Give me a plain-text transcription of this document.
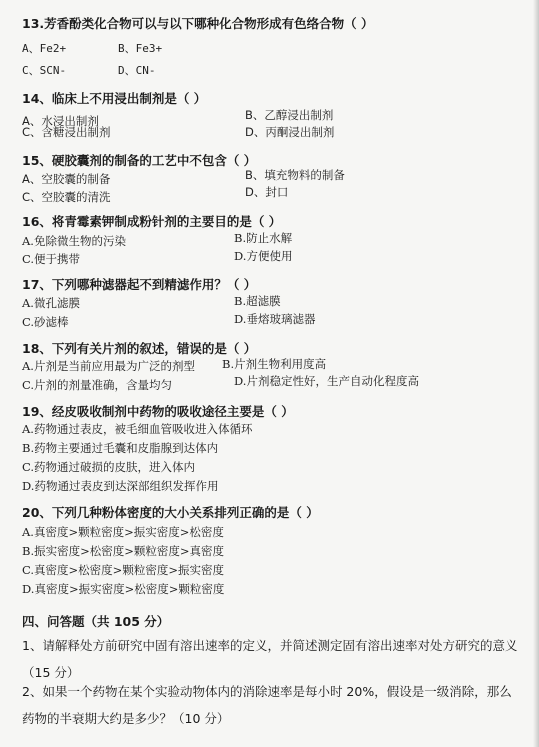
13.芳香酚类化合物可以与以下哪种化合物形成有色络合物（ ）
A、Fe2+	B、Fe3+
C、SCN-	D、CN-
14、临床上不用浸出制剂是（ ）
A、水浸出制剂	B、乙醇浸出制剂
C、含糖浸出制剂	D、丙酮浸出制剂
15、硬胶囊剂的制备的工艺中不包含（ ）
A、空胶囊的制备	B、填充物料的制备
C、空胶囊的清洗	D、封口
16、将青霉素钾制成粉针剂的主要目的是（ ）
A.免除微生物的污染	B.防止水解
C.便于携带	D.方便使用
17、下列哪种滤器起不到精滤作用？（ ）
A.微孔滤膜	B.超滤膜
C.砂滤棒	D.垂熔玻璃滤器
18、下列有关片剂的叙述，错误的是（ ）
A.片剂是当前应用最为广泛的剂型 B.片剂生物利用度高
C.片剂的剂量准确，含量均匀	D.片剂稳定性好，生产自动化程度高
19、经皮吸收制剂中药物的吸收途径主要是（ ）
A.药物通过表皮，被毛细血管吸收进入体循环
B.药物主要通过毛囊和皮脂腺到达体内
C.药物通过破损的皮肤，进入体内
D.药物通过表皮到达深部组织发挥作用
20、下列几种粉体密度的大小关系排列正确的是（ ）
A.真密度>颗粒密度>振实密度>松密度
B.振实密度>松密度>颗粒密度>真密度
C.真密度>松密度>颗粒密度>振实密度
D.真密度>振实密度>松密度>颗粒密度
四、问答题（共 105 分）
1、请解释处方前研究中固有溶出速率的定义，并简述测定固有溶出速率对处方研究的意义（15 分）
2、如果一个药物在某个实验动物体内的消除速率是每小时 20%，假设是一级消除，那么药物的半衰期大约是多少？（10 分）
